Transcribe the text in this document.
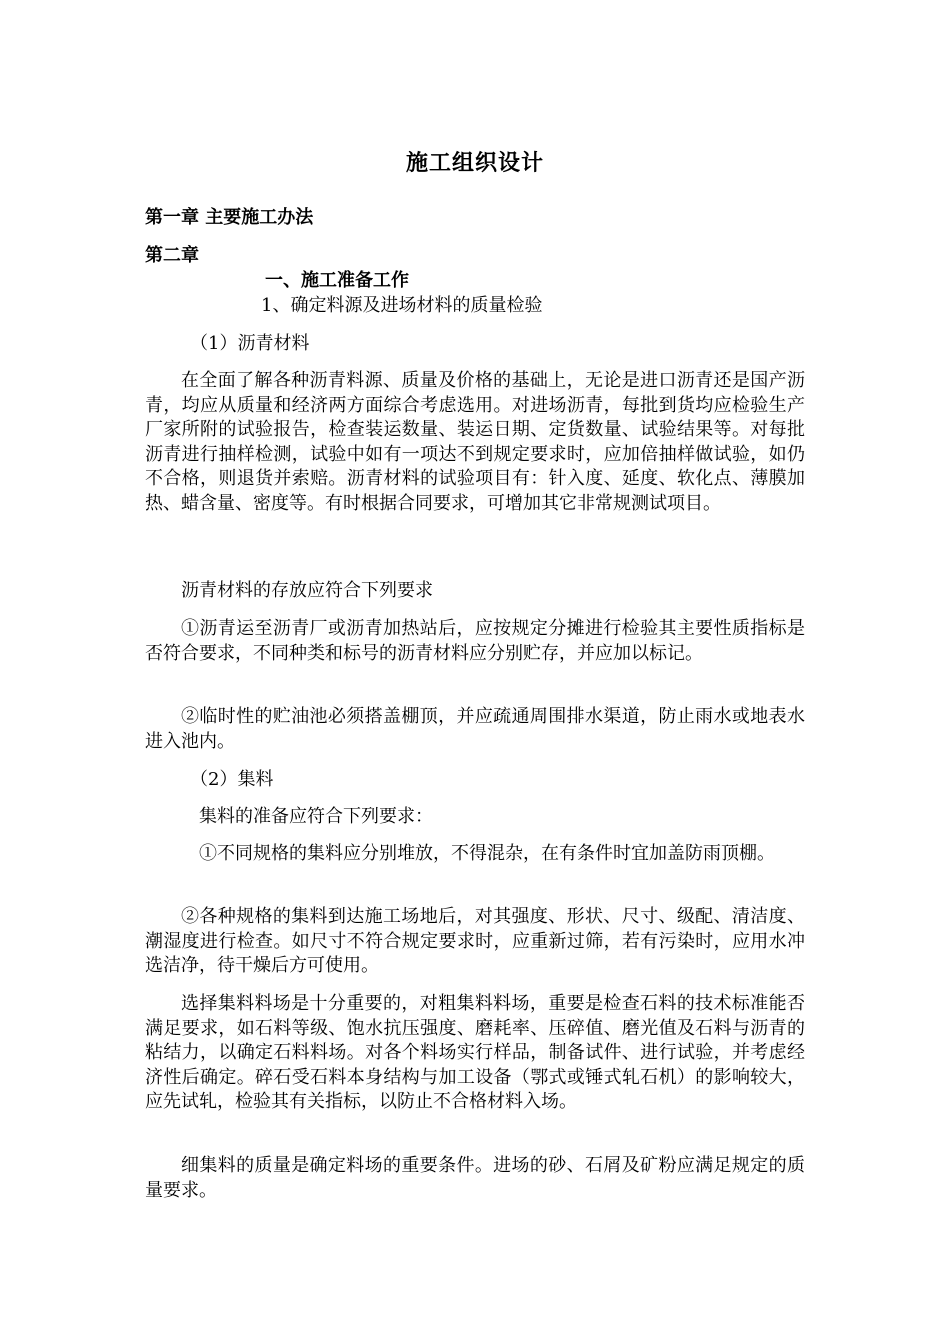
施工组织设计
第一章 主要施工办法
第二章
一、施工准备工作
1、确定料源及进场材料的质量检验
（1）沥青材料

在全面了解各种沥青料源、质量及价格的基础上，无论是进口沥青还是国产沥青，均应从质量和经济两方面综合考虑选用。对进场沥青，每批到货均应检验生产厂家所附的试验报告，检查装运数量、装运日期、定货数量、试验结果等。对每批沥青进行抽样检测，试验中如有一项达不到规定要求时，应加倍抽样做试验，如仍不合格，则退货并索赔。沥青材料的试验项目有：针入度、延度、软化点、薄膜加热、蜡含量、密度等。有时根据合同要求，可增加其它非常规测试项目。

沥青材料的存放应符合下列要求

①沥青运至沥青厂或沥青加热站后，应按规定分摊进行检验其主要性质指标是否符合要求，不同种类和标号的沥青材料应分别贮存，并应加以标记。

②临时性的贮油池必须搭盖棚顶，并应疏通周围排水渠道，防止雨水或地表水进入池内。

（2）集料

集料的准备应符合下列要求：

①不同规格的集料应分别堆放，不得混杂，在有条件时宜加盖防雨顶棚。

②各种规格的集料到达施工场地后，对其强度、形状、尺寸、级配、清洁度、潮湿度进行检查。如尺寸不符合规定要求时，应重新过筛，若有污染时，应用水冲选洁净，待干燥后方可使用。

选择集料料场是十分重要的，对粗集料料场，重要是检查石料的技术标准能否满足要求，如石料等级、饱水抗压强度、磨耗率、压碎值、磨光值及石料与沥青的粘结力，以确定石料料场。对各个料场实行样品，制备试件、进行试验，并考虑经济性后确定。碎石受石料本身结构与加工设备（鄂式或锤式轧石机）的影响较大，应先试轧，检验其有关指标，以防止不合格材料入场。

细集料的质量是确定料场的重要条件。进场的砂、石屑及矿粉应满足规定的质量要求。
